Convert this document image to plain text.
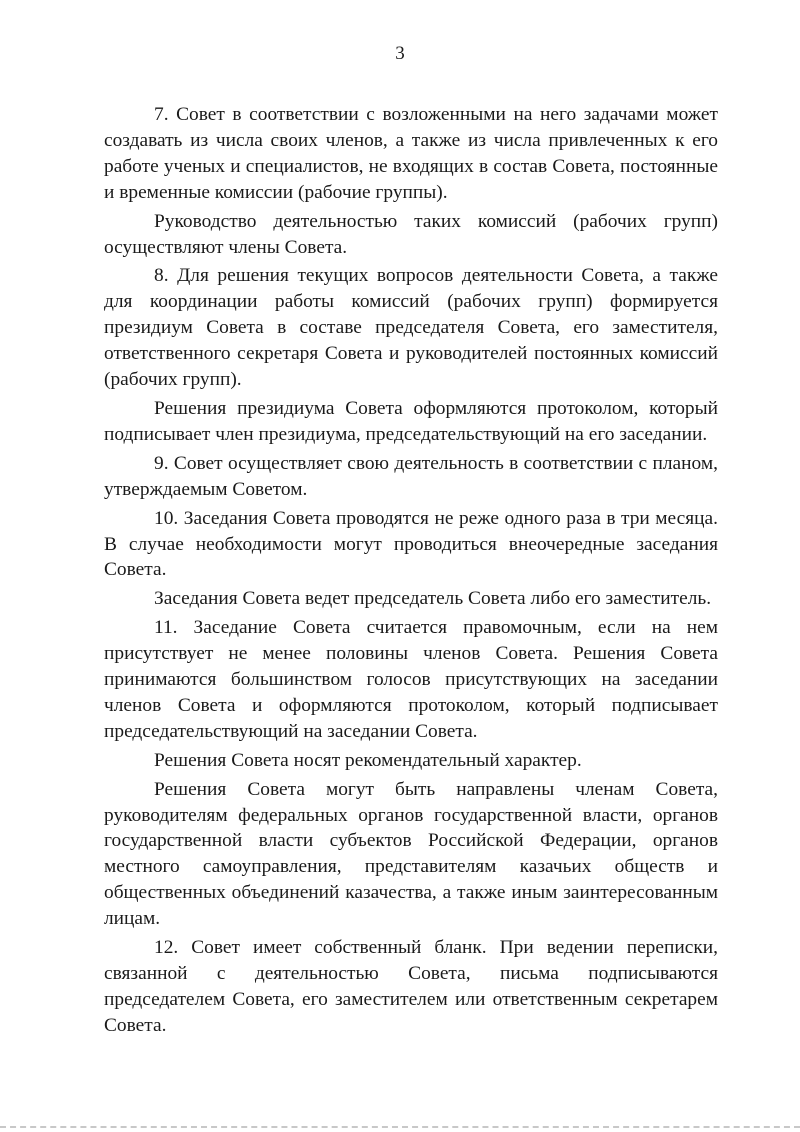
3

7. Совет в соответствии с возложенными на него задачами может создавать из числа своих членов, а также из числа привлеченных к его работе ученых и специалистов, не входящих в состав Совета, постоянные и временные комиссии (рабочие группы).

Руководство деятельностью таких комиссий (рабочих групп) осуществляют члены Совета.

8. Для решения текущих вопросов деятельности Совета, а также для координации работы комиссий (рабочих групп) формируется президиум Совета в составе председателя Совета, его заместителя, ответственного секретаря Совета и руководителей постоянных комиссий (рабочих групп).

Решения президиума Совета оформляются протоколом, который подписывает член президиума, председательствующий на его заседании.

9. Совет осуществляет свою деятельность в соответствии с планом, утверждаемым Советом.

10. Заседания Совета проводятся не реже одного раза в три месяца. В случае необходимости могут проводиться внеочередные заседания Совета.

Заседания Совета ведет председатель Совета либо его заместитель.

11. Заседание Совета считается правомочным, если на нем присутствует не менее половины членов Совета. Решения Совета принимаются большинством голосов присутствующих на заседании членов Совета и оформляются протоколом, который подписывает председательствующий на заседании Совета.

Решения Совета носят рекомендательный характер.

Решения Совета могут быть направлены членам Совета, руководителям федеральных органов государственной власти, органов государственной власти субъектов Российской Федерации, органов местного самоуправления, представителям казачьих обществ и общественных объединений казачества, а также иным заинтересованным лицам.

12. Совет имеет собственный бланк. При ведении переписки, связанной с деятельностью Совета, письма подписываются председателем Совета, его заместителем или ответственным секретарем Совета.
